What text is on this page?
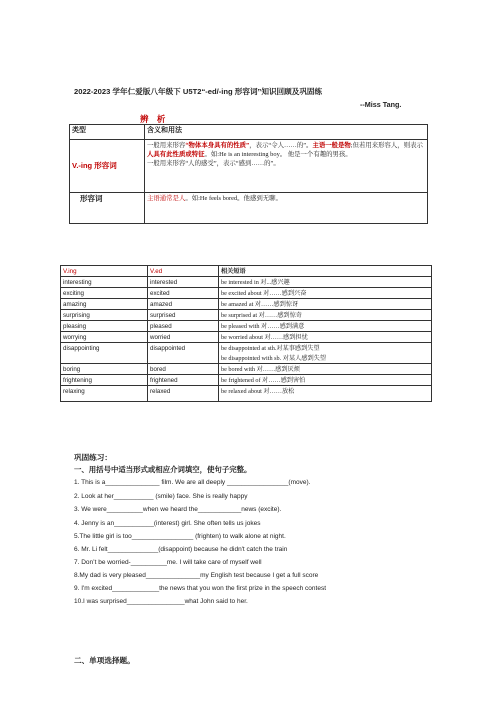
2022-2023 学年仁爱版八年级下 U5T2“-ed/-ing 形容词”知识回顾及巩固练
--Miss Tang.
辨 析
类型	含义和用法
V.-ing 形容词	一般用来形容“物体本身具有的性质”，表示“令人……的”。主语一般是物;但若用来形容人，则表示人具有此性质或特征。如:He is an interesting boy。 他是一个有趣的男孩。
一般用来形容“人的感受”，表示“感到……的”。
形容词	主语通常是人。如:He feels bored。他感到无聊。
V.ing	V.ed	相关短语
interesting	interested	be interested in 对...感兴趣
exciting	excited	be excited about 对……感到兴奋
amazing	amazed	be amazed at 对……感到惊讶
surprising	surprised	be surprised at 对……感到惊奇
pleasing	pleased	be pleased with 对……感到满意
worrying	worried	be worried about 对……感到担忧
disappointing	disappointed	be disappointed at sth.对某事感到失望
		be disappointed with sb. 对某人感到失望
boring	bored	be bored with 对……感到厌烦
frightening	frightened	be frightened of 对……感到害怕
relaxing	relaxed	be relaxed about 对……放松
巩固练习：
一、用括号中适当形式或相应介词填空，使句子完整。
1. This is a_______________ film. We are all deeply _________________(move).
2. Look at her___________ (smile) face. She is really happy
3. We were__________when we heard the____________news (excite).
4. Jenny is an___________(interest) girl. She often tells us jokes
5.The little girl is too_________________ (frighten) to walk alone at night.
6. Mr. Li felt______________(disappoint) because he didn't catch the train
7. Don’t be worried-__________me. I will take care of myself well
8.My dad is very pleased_______________my English test because I get a full score
9. I'm excited_____________the news that you won the first prize in the speech contest
10.I was surprised________________what John said to her.
二、单项选择题。
